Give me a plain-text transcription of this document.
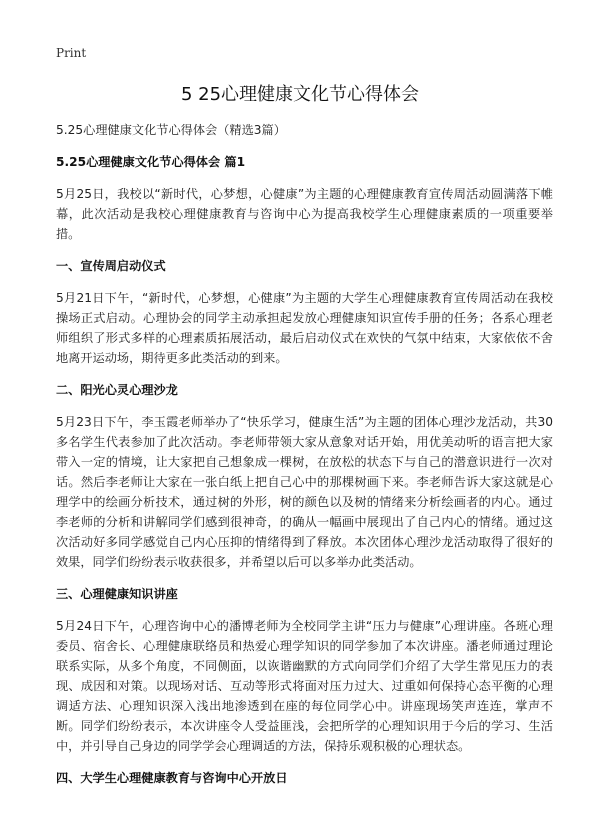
Print
5 25心理健康文化节心得体会

5.25心理健康文化节心得体会（精选3篇）

5.25心理健康文化节心得体会 篇1

5月25日，我校以“新时代，心梦想，心健康”为主题的心理健康教育宣传周活动圆满落下帷幕，此次活动是我校心理健康教育与咨询中心为提高我校学生心理健康素质的一项重要举措。

一、宣传周启动仪式

5月21日下午，“新时代，心梦想，心健康”为主题的大学生心理健康教育宣传周活动在我校操场正式启动。心理协会的同学主动承担起发放心理健康知识宣传手册的任务；各系心理老师组织了形式多样的心理素质拓展活动，最后启动仪式在欢快的气氛中结束，大家依依不舍地离开运动场，期待更多此类活动的到来。

二、阳光心灵心理沙龙

5月23日下午，李玉霞老师举办了“快乐学习，健康生活”为主题的团体心理沙龙活动，共30多名学生代表参加了此次活动。李老师带领大家从意象对话开始，用优美动听的语言把大家带入一定的情境，让大家把自己想象成一棵树，在放松的状态下与自己的潜意识进行一次对话。然后李老师让大家在一张白纸上把自己心中的那棵树画下来。李老师告诉大家这就是心理学中的绘画分析技术，通过树的外形，树的颜色以及树的情绪来分析绘画者的内心。通过李老师的分析和讲解同学们感到很神奇，的确从一幅画中展现出了自己内心的情绪。通过这次活动好多同学感觉自己内心压抑的情绪得到了释放。本次团体心理沙龙活动取得了很好的效果，同学们纷纷表示收获很多，并希望以后可以多举办此类活动。

三、心理健康知识讲座

5月24日下午，心理咨询中心的潘博老师为全校同学主讲“压力与健康”心理讲座。各班心理委员、宿舍长、心理健康联络员和热爱心理学知识的同学参加了本次讲座。潘老师通过理论联系实际，从多个角度，不同侧面，以诙谐幽默的方式向同学们介绍了大学生常见压力的表现、成因和对策。以现场对话、互动等形式将面对压力过大、过重如何保持心态平衡的心理调适方法、心理知识深入浅出地渗透到在座的每位同学心中。讲座现场笑声连连，掌声不断。同学们纷纷表示，本次讲座令人受益匪浅，会把所学的心理知识用于今后的学习、生活中，并引导自己身边的同学学会心理调适的方法，保持乐观积极的心理状态。

四、大学生心理健康教育与咨询中心开放日
